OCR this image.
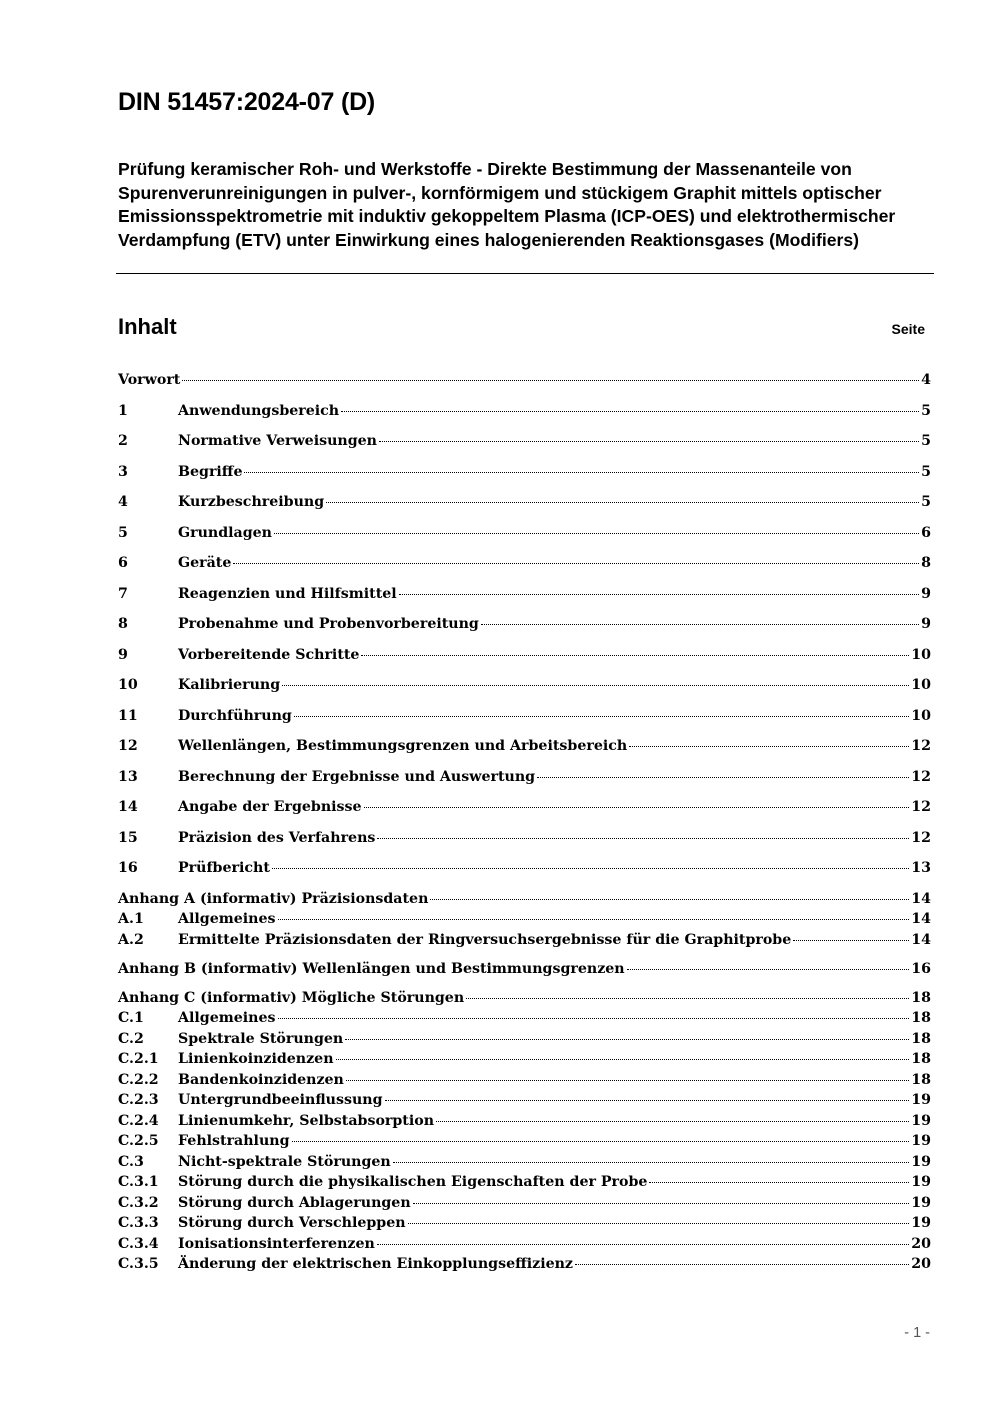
DIN 51457:2024-07 (D)

Prüfung keramischer Roh- und Werkstoffe - Direkte Bestimmung der Massenanteile von Spurenverunreinigungen in pulver-, kornförmigem und stückigem Graphit mittels optischer Emissionsspektrometrie mit induktiv gekoppeltem Plasma (ICP-OES) und elektrothermischer Verdampfung (ETV) unter Einwirkung eines halogenierenden Reaktionsgases (Modifiers)

Inhalt	Seite
Vorwort	4
1	Anwendungsbereich	5
2	Normative Verweisungen	5
3	Begriffe	5
4	Kurzbeschreibung	5
5	Grundlagen	6
6	Geräte	8
7	Reagenzien und Hilfsmittel	9
8	Probenahme und Probenvorbereitung	9
9	Vorbereitende Schritte	10
10	Kalibrierung	10
11	Durchführung	10
12	Wellenlängen, Bestimmungsgrenzen und Arbeitsbereich	12
13	Berechnung der Ergebnisse und Auswertung	12
14	Angabe der Ergebnisse	12
15	Präzision des Verfahrens	12
16	Prüfbericht	13
Anhang A (informativ) Präzisionsdaten	14
A.1	Allgemeines	14
A.2	Ermittelte Präzisionsdaten der Ringversuchsergebnisse für die Graphitprobe	14
Anhang B (informativ) Wellenlängen und Bestimmungsgrenzen	16
Anhang C (informativ) Mögliche Störungen	18
C.1	Allgemeines	18
C.2	Spektrale Störungen	18
C.2.1	Linienkoinzidenzen	18
C.2.2	Bandenkoinzidenzen	18
C.2.3	Untergrundbeeinflussung	19
C.2.4	Linienumkehr, Selbstabsorption	19
C.2.5	Fehlstrahlung	19
C.3	Nicht-spektrale Störungen	19
C.3.1	Störung durch die physikalischen Eigenschaften der Probe	19
C.3.2	Störung durch Ablagerungen	19
C.3.3	Störung durch Verschleppen	19
C.3.4	Ionisationsinterferenzen	20
C.3.5	Änderung der elektrischen Einkopplungseffizienz	20
- 1 -
